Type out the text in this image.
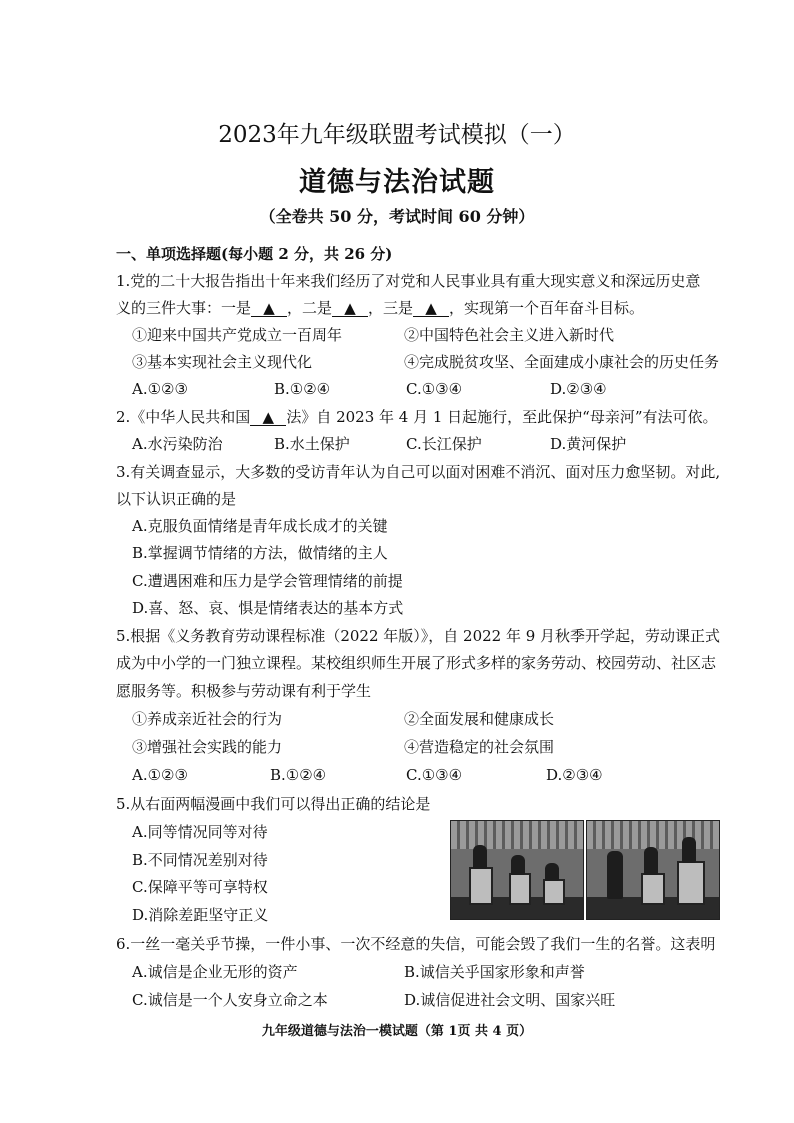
2023年九年级联盟考试模拟（一）
道德与法治试题
（全卷共 50 分，考试时间 60 分钟）
一、单项选择题(每小题 2 分，共 26 分)
1.党的二十大报告指出十年来我们经历了对党和人民事业具有重大现实意义和深远历史意
义的三件大事：一是 ▲ ，二是 ▲ ，三是 ▲ ，实现第一个百年奋斗目标。
①迎来中国共产党成立一百周年	②中国特色社会主义进入新时代
③基本实现社会主义现代化	④完成脱贫攻坚、全面建成小康社会的历史任务
A.①②③	B.①②④	C.①③④	D.②③④
2.《中华人民共和国 ▲ 法》自 2023 年 4 月 1 日起施行，至此保护“母亲河”有法可依。
A.水污染防治	B.水土保护	C.长江保护	D.黄河保护
3.有关调查显示，大多数的受访青年认为自己可以面对困难不消沉、面对压力愈坚韧。对此,
以下认识正确的是
A.克服负面情绪是青年成长成才的关键
B.掌握调节情绪的方法，做情绪的主人
C.遭遇困难和压力是学会管理情绪的前提
D.喜、怒、哀、惧是情绪表达的基本方式
5.根据《义务教育劳动课程标准（2022 年版）》，自 2022 年 9 月秋季开学起，劳动课正式
成为中小学的一门独立课程。某校组织师生开展了形式多样的家务劳动、校园劳动、社区志
愿服务等。积极参与劳动课有利于学生
①养成亲近社会的行为	②全面发展和健康成长
③增强社会实践的能力	④营造稳定的社会氛围
A.①②③	B.①②④	C.①③④	D.②③④
5.从右面两幅漫画中我们可以得出正确的结论是
A.同等情况同等对待
B.不同情况差别对待
C.保障平等可享特权
D.消除差距坚守正义
6.一丝一毫关乎节操，一件小事、一次不经意的失信，可能会毁了我们一生的名誉。这表明
A.诚信是企业无形的资产	B.诚信关乎国家形象和声誉
C.诚信是一个人安身立命之本	D.诚信促进社会文明、国家兴旺
九年级道德与法治一模试题（第 1页 共 4 页）
